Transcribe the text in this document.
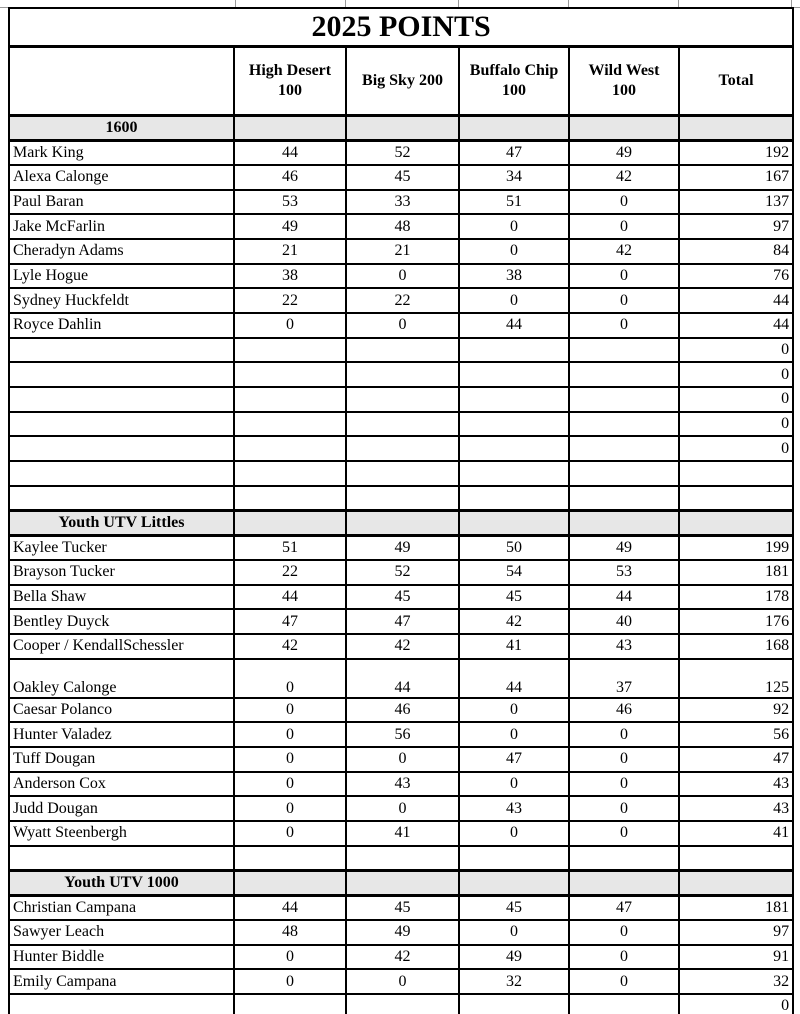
2025 POINTS					
	High Desert 100	Big Sky 200	Buffalo Chip 100	Wild West 100	Total
1600					
Mark King	44	52	47	49	192
Alexa Calonge	46	45	34	42	167
Paul Baran	53	33	51	0	137
Jake McFarlin	49	48	0	0	97
Cheradyn Adams	21	21	0	42	84
Lyle Hogue	38	0	38	0	76
Sydney Huckfeldt	22	22	0	0	44
Royce Dahlin	0	0	44	0	44
					0
					0
					0
					0
					0

Youth UTV Littles					
Kaylee Tucker	51	49	50	49	199
Brayson Tucker	22	52	54	53	181
Bella Shaw	44	45	45	44	178
Bentley Duyck	47	47	42	40	176
Cooper / KendallSchessler	42	42	41	43	168
Oakley Calonge	0	44	44	37	125
Caesar Polanco	0	46	0	46	92
Hunter Valadez	0	56	0	0	56
Tuff Dougan	0	0	47	0	47
Anderson Cox	0	43	0	0	43
Judd Dougan	0	0	43	0	43
Wyatt Steenbergh	0	41	0	0	41

Youth UTV 1000					
Christian Campana	44	45	45	47	181
Sawyer Leach	48	49	0	0	97
Hunter Biddle	0	42	49	0	91
Emily Campana	0	0	32	0	32
					0
